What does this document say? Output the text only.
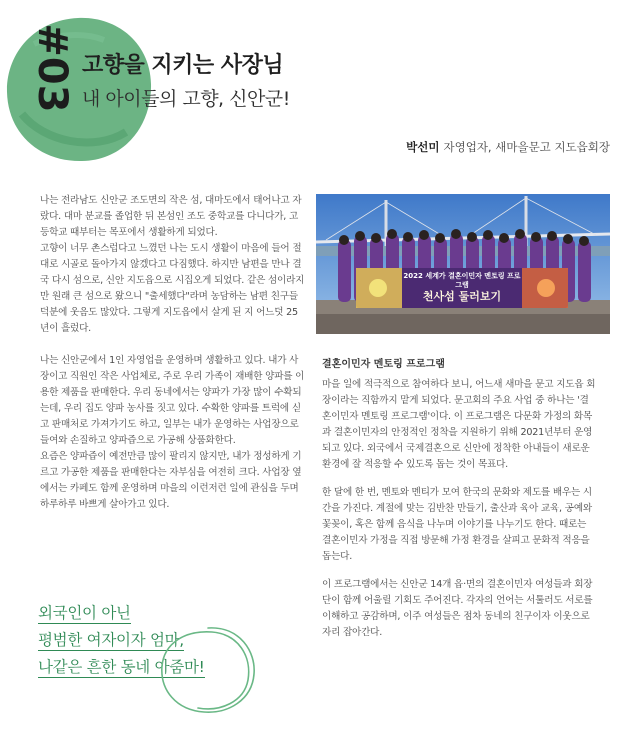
#03 고향을 지키는 사장님
내 아이들의 고향, 신안군!
박선미 자영업자, 새마을문고 지도읍회장

나는 전라남도 신안군 조도면의 작은 섬, 대마도에서 태어나고 자랐다. 대마 분교를 졸업한 뒤 본섬인 조도 중학교를 다니다가, 고등학교 때부터는 목포에서 생활하게 되었다.

고향이 너무 촌스럽다고 느꼈던 나는 도시 생활이 마음에 들어 절대로 시골로 돌아가지 않겠다고 다짐했다. 하지만 남편을 만나 결국 다시 섬으로, 신안 지도읍으로 시집오게 되었다. 같은 섬이라지만 원래 큰 섬으로 왔으니 "출세했다"라며 농담하는 남편 친구들 덕분에 웃음도 많았다. 그렇게 지도읍에서 살게 된 지 어느덧 25년이 흘렀다.

나는 신안군에서 1인 자영업을 운영하며 생활하고 있다. 내가 사장이고 직원인 작은 사업체로, 주로 우리 가족이 재배한 양파를 이용한 제품을 판매한다. 우리 동네에서는 양파가 가장 많이 수확되는데, 우리 집도 양파 농사를 짓고 있다. 수확한 양파를 트럭에 싣고 판매처로 가져가기도 하고, 일부는 내가 운영하는 사업장으로 들여와 손질하고 양파즙으로 가공해 상품화한다.

요즘은 양파즙이 예전만큼 많이 팔리지 않지만, 내가 정성하게 기르고 가공한 제품을 판매한다는 자부심을 여전히 크다. 사업장 옆에서는 카페도 함께 운영하며 마을의 이런저런 일에 관심을 두며 하루하루 바쁘게 살아가고 있다.

2022 세계가 결혼이민자 멘토링 프로그램
천사섬 둘러보기
결혼이민자 멘토링 프로그램

마을 일에 적극적으로 참여하다 보니, 어느새 새마을 문고 지도읍 회장이라는 직함까지 맡게 되었다. 문고회의 주요 사업 중 하나는 '결혼이민자 멘토링 프로그램'이다. 이 프로그램은 다문화 가정의 화목과 결혼이민자의 안정적인 정착을 지원하기 위해 2021년부터 운영되고 있다. 외국에서 국제결혼으로 신안에 정착한 아내들이 새로운 환경에 잘 적응할 수 있도록 돕는 것이 목표다.

한 달에 한 번, 멘토와 멘티가 모여 한국의 문화와 제도를 배우는 시간을 가진다. 계절에 맞는 김반찬 만들기, 출산과 육아 교육, 공예와 꽃꽂이, 혹은 함께 음식을 나누며 이야기를 나누기도 한다. 때로는 결혼이민자 가정을 직접 방문해 가정 환경을 살피고 문화적 적응을 돕는다.

이 프로그램에서는 신안군 14개 읍·면의 결혼이민자 여성들과 회장단이 함께 어울릴 기회도 주어진다. 각자의 언어는 서툴러도 서로를 이해하고 공감하며, 이주 여성들은 점차 동네의 친구이자 이웃으로 자리 잡아간다.

외국인이 아닌
평범한 여자이자 엄마,
나같은 흔한 동네 아줌마!
